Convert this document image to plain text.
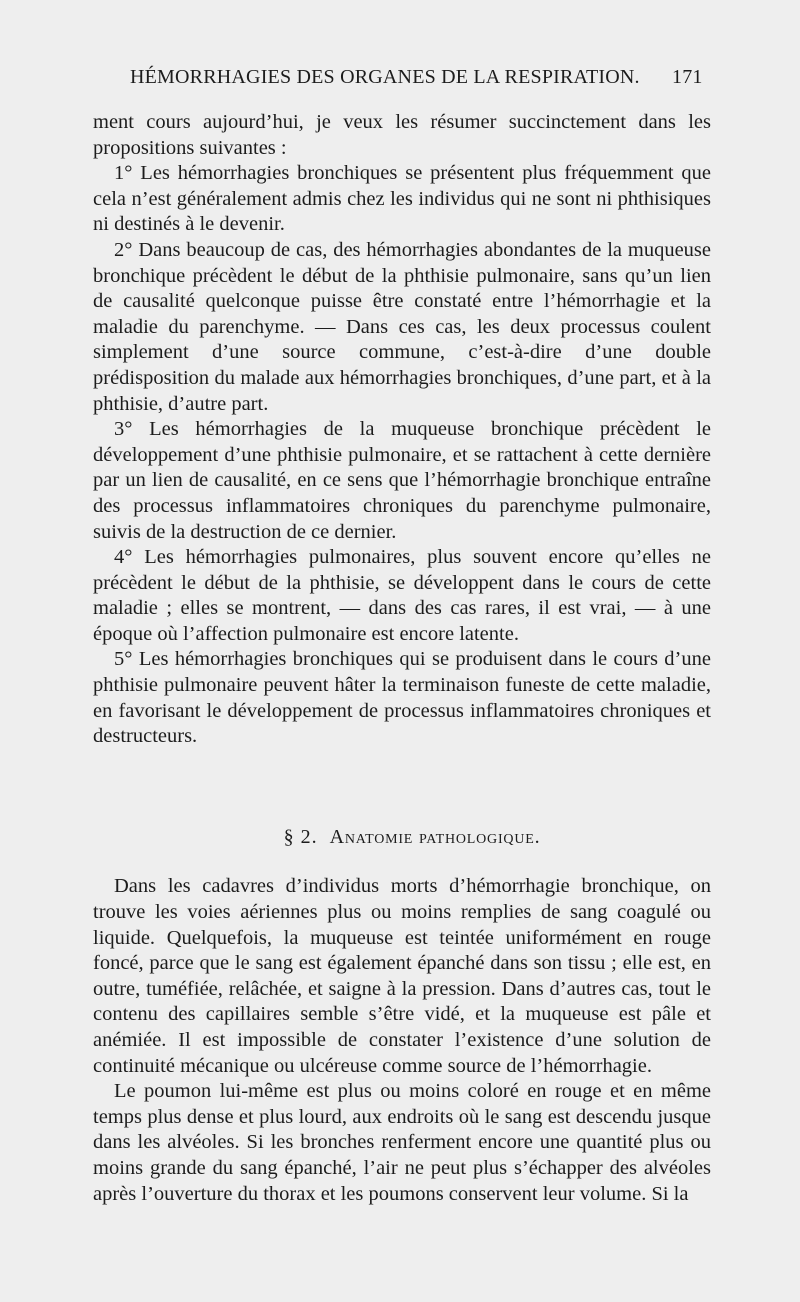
HÉMORRHAGIES DES ORGANES DE LA RESPIRATION. 171

ment cours aujourd’hui, je veux les résumer succinctement dans les propositions suivantes :

1° Les hémorrhagies bronchiques se présentent plus fréquemment que cela n’est généralement admis chez les individus qui ne sont ni phthisiques ni destinés à le devenir.

2° Dans beaucoup de cas, des hémorrhagies abondantes de la muqueuse bronchique précèdent le début de la phthisie pulmonaire, sans qu’un lien de causalité quelconque puisse être constaté entre l’hémorrhagie et la maladie du parenchyme. — Dans ces cas, les deux processus coulent simplement d’une source commune, c’est-à-dire d’une double prédisposition du malade aux hémorrhagies bronchiques, d’une part, et à la phthisie, d’autre part.

3° Les hémorrhagies de la muqueuse bronchique précèdent le développement d’une phthisie pulmonaire, et se rattachent à cette dernière par un lien de causalité, en ce sens que l’hémorrhagie bronchique entraîne des processus inflammatoires chroniques du parenchyme pulmonaire, suivis de la destruction de ce dernier.

4° Les hémorrhagies pulmonaires, plus souvent encore qu’elles ne précèdent le début de la phthisie, se développent dans le cours de cette maladie ; elles se montrent, — dans des cas rares, il est vrai, — à une époque où l’affection pulmonaire est encore latente.

5° Les hémorrhagies bronchiques qui se produisent dans le cours d’une phthisie pulmonaire peuvent hâter la terminaison funeste de cette maladie, en favorisant le développement de processus inflammatoires chroniques et destructeurs.

§ 2. Anatomie pathologique.

Dans les cadavres d’individus morts d’hémorrhagie bronchique, on trouve les voies aériennes plus ou moins remplies de sang coagulé ou liquide. Quelquefois, la muqueuse est teintée uniformément en rouge foncé, parce que le sang est également épanché dans son tissu ; elle est, en outre, tuméfiée, relâchée, et saigne à la pression. Dans d’autres cas, tout le contenu des capillaires semble s’être vidé, et la muqueuse est pâle et anémiée. Il est impossible de constater l’existence d’une solution de continuité mécanique ou ulcéreuse comme source de l’hémorrhagie.

Le poumon lui-même est plus ou moins coloré en rouge et en même temps plus dense et plus lourd, aux endroits où le sang est descendu jusque dans les alvéoles. Si les bronches renferment encore une quantité plus ou moins grande du sang épanché, l’air ne peut plus s’échapper des alvéoles après l’ouverture du thorax et les poumons conservent leur volume. Si la
